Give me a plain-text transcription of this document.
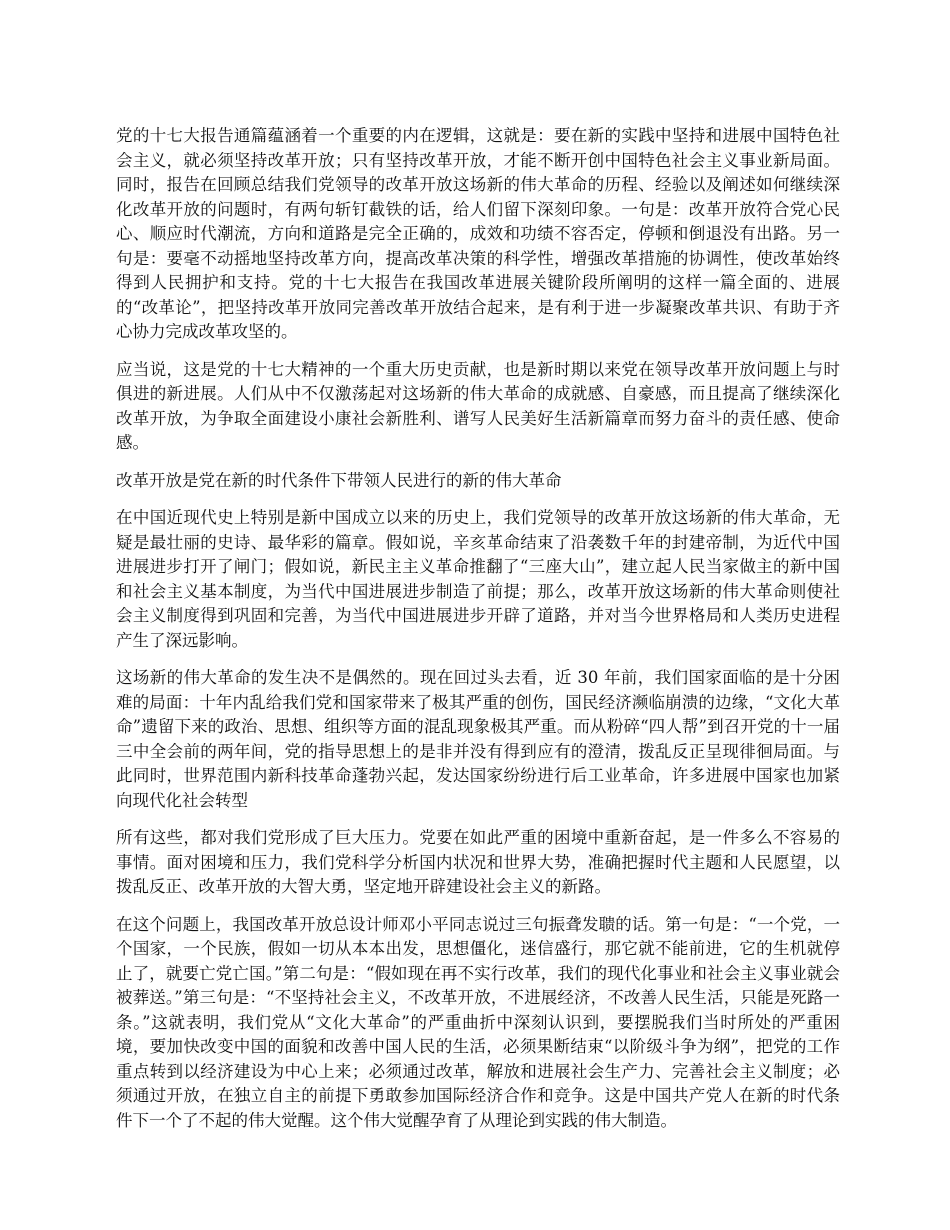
党的十七大报告通篇蕴涵着一个重要的内在逻辑，这就是：要在新的实践中坚持和进展中国特色社会主义，就必须坚持改革开放；只有坚持改革开放，才能不断开创中国特色社会主义事业新局面。同时，报告在回顾总结我们党领导的改革开放这场新的伟大革命的历程、经验以及阐述如何继续深化改革开放的问题时，有两句斩钉截铁的话，给人们留下深刻印象。一句是：改革开放符合党心民心、顺应时代潮流，方向和道路是完全正确的，成效和功绩不容否定，停顿和倒退没有出路。另一句是：要毫不动摇地坚持改革方向，提高改革决策的科学性，增强改革措施的协调性，使改革始终得到人民拥护和支持。党的十七大报告在我国改革进展关键阶段所阐明的这样一篇全面的、进展的“改革论”，把坚持改革开放同完善改革开放结合起来，是有利于进一步凝聚改革共识、有助于齐心协力完成改革攻坚的。

应当说，这是党的十七大精神的一个重大历史贡献，也是新时期以来党在领导改革开放问题上与时俱进的新进展。人们从中不仅激荡起对这场新的伟大革命的成就感、自豪感，而且提高了继续深化改革开放，为争取全面建设小康社会新胜利、谱写人民美好生活新篇章而努力奋斗的责任感、使命感。

改革开放是党在新的时代条件下带领人民进行的新的伟大革命

在中国近现代史上特别是新中国成立以来的历史上，我们党领导的改革开放这场新的伟大革命，无疑是最壮丽的史诗、最华彩的篇章。假如说，辛亥革命结束了沿袭数千年的封建帝制，为近代中国进展进步打开了闸门；假如说，新民主主义革命推翻了“三座大山”，建立起人民当家做主的新中国和社会主义基本制度，为当代中国进展进步制造了前提；那么，改革开放这场新的伟大革命则使社会主义制度得到巩固和完善，为当代中国进展进步开辟了道路，并对当今世界格局和人类历史进程产生了深远影响。

这场新的伟大革命的发生决不是偶然的。现在回过头去看，近 30 年前，我们国家面临的是十分困难的局面：十年内乱给我们党和国家带来了极其严重的创伤，国民经济濒临崩溃的边缘，“文化大革命”遗留下来的政治、思想、组织等方面的混乱现象极其严重。而从粉碎“四人帮”到召开党的十一届三中全会前的两年间，党的指导思想上的是非并没有得到应有的澄清，拨乱反正呈现徘徊局面。与此同时，世界范围内新科技革命蓬勃兴起，发达国家纷纷进行后工业革命，许多进展中国家也加紧向现代化社会转型

所有这些，都对我们党形成了巨大压力。党要在如此严重的困境中重新奋起，是一件多么不容易的事情。面对困境和压力，我们党科学分析国内状况和世界大势，准确把握时代主题和人民愿望，以拨乱反正、改革开放的大智大勇，坚定地开辟建设社会主义的新路。

在这个问题上，我国改革开放总设计师邓小平同志说过三句振聋发聩的话。第一句是：“一个党，一个国家，一个民族，假如一切从本本出发，思想僵化，迷信盛行，那它就不能前进，它的生机就停止了，就要亡党亡国。”第二句是：“假如现在再不实行改革，我们的现代化事业和社会主义事业就会被葬送。”第三句是：“不坚持社会主义，不改革开放，不进展经济，不改善人民生活，只能是死路一条。”这就表明，我们党从“文化大革命”的严重曲折中深刻认识到，要摆脱我们当时所处的严重困境，要加快改变中国的面貌和改善中国人民的生活，必须果断结束“以阶级斗争为纲”，把党的工作重点转到以经济建设为中心上来；必须通过改革，解放和进展社会生产力、完善社会主义制度；必须通过开放，在独立自主的前提下勇敢参加国际经济合作和竞争。这是中国共产党人在新的时代条件下一个了不起的伟大觉醒。这个伟大觉醒孕育了从理论到实践的伟大制造。
